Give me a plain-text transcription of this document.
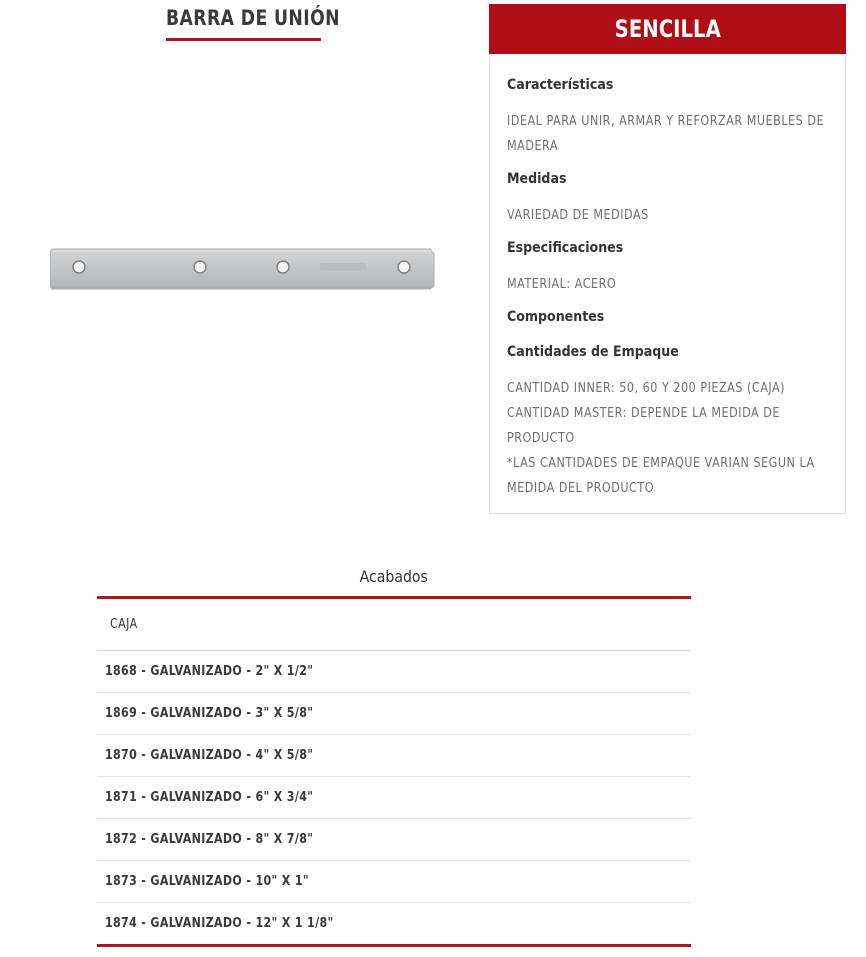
BARRA DE UNIÓN	SENCILLA
Características
IDEAL PARA UNIR, ARMAR Y REFORZAR MUEBLES DE
MADERA
Medidas
VARIEDAD DE MEDIDAS
Especificaciones
MATERIAL: ACERO
Componentes
Cantidades de Empaque
CANTIDAD INNER: 50, 60 Y 200 PIEZAS (CAJA)
CANTIDAD MASTER: DEPENDE LA MEDIDA DE
PRODUCTO
*LAS CANTIDADES DE EMPAQUE VARIAN SEGUN LA
MEDIDA DEL PRODUCTO
Acabados
CAJA
1868 - GALVANIZADO - 2" X 1/2"
1869 - GALVANIZADO - 3" X 5/8"
1870 - GALVANIZADO - 4" X 5/8"
1871 - GALVANIZADO - 6" X 3/4"
1872 - GALVANIZADO - 8" X 7/8"
1873 - GALVANIZADO - 10" X 1"
1874 - GALVANIZADO - 12" X 1 1/8"
